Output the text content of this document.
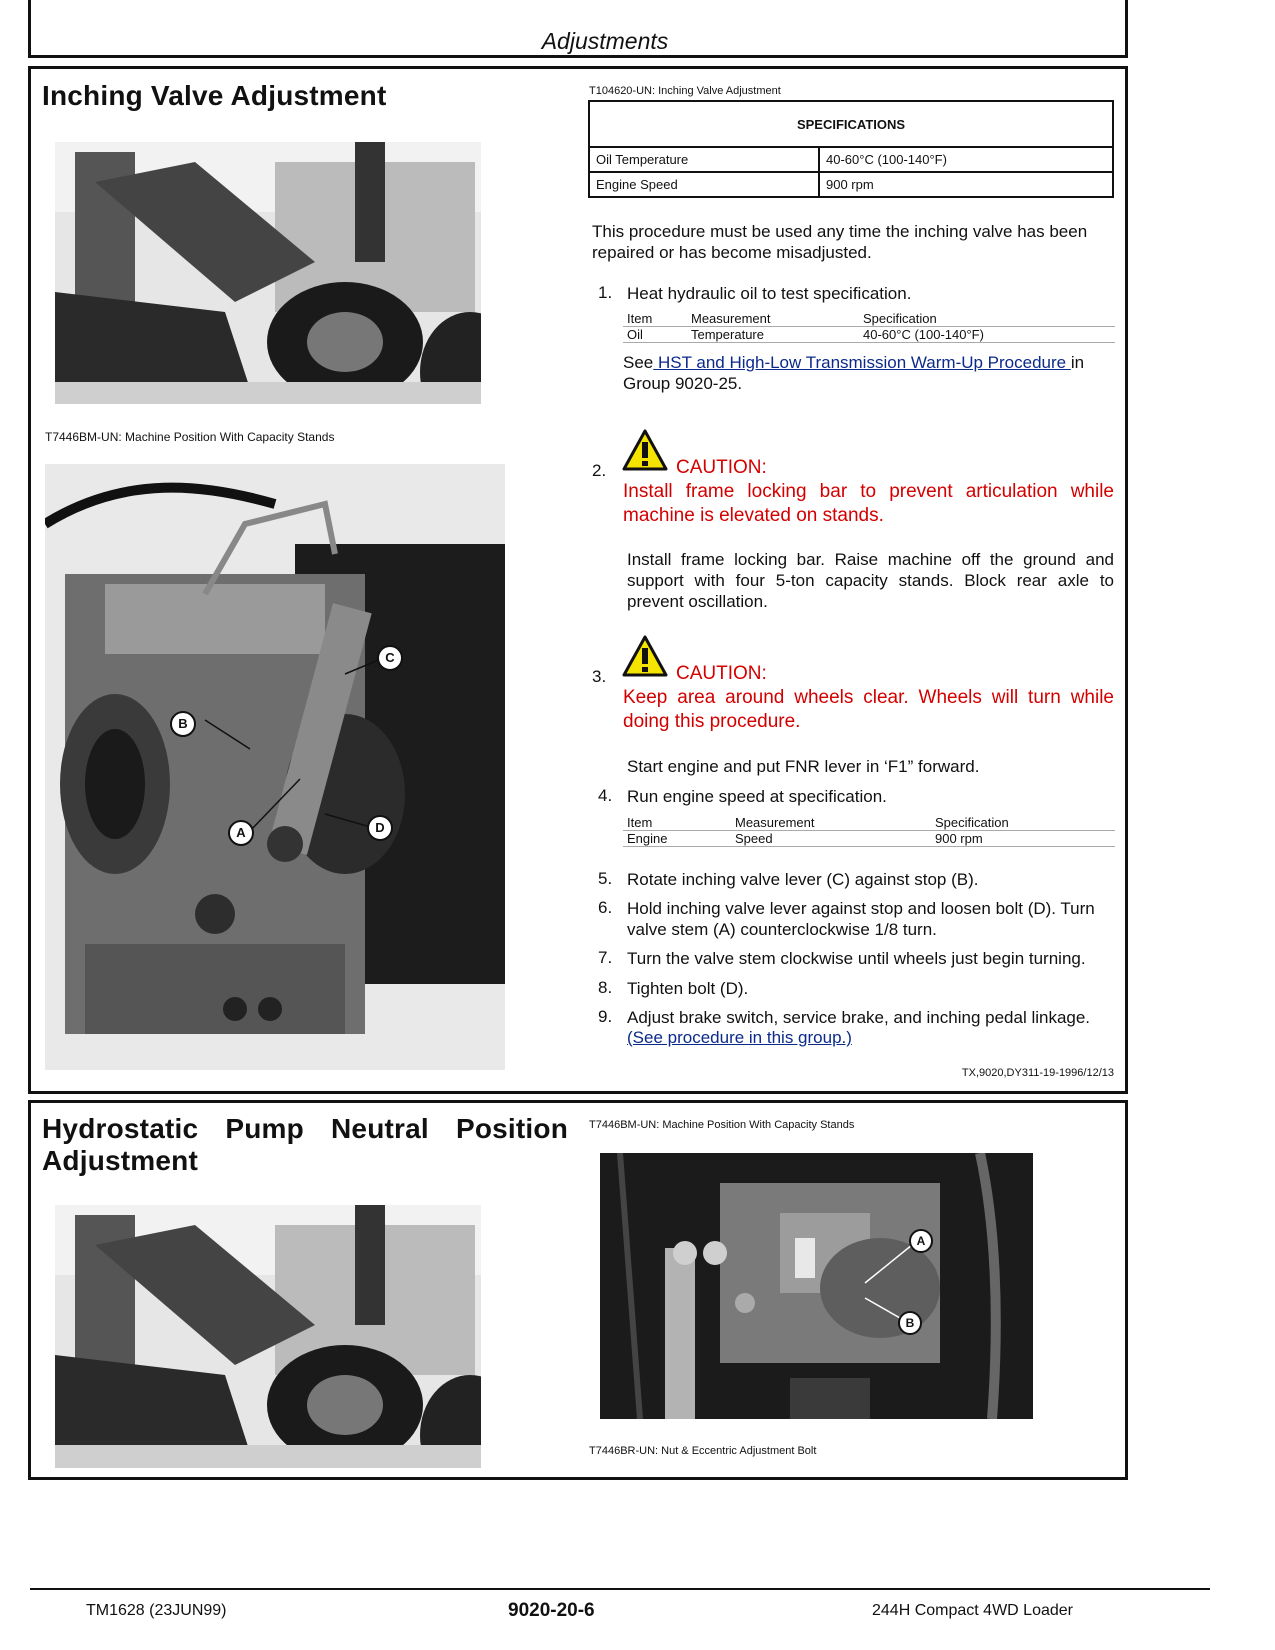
Adjustments
Inching Valve Adjustment
T7446BM-UN: Machine Position With Capacity Stands
C
B
A	D
T104620-UN: Inching Valve Adjustment
SPECIFICATIONS	
Oil Temperature	40-60°C (100-140°F)
Engine Speed	900 rpm
This procedure must be used any time the inching valve has been repaired or has become misadjusted.
1. Heat hydraulic oil to test specification.
Item	Measurement	Specification
Oil	Temperature	40-60°C (100-140°F)
See HST and High-Low Transmission Warm-Up Procedure in
Group 9020-25.
2.	CAUTION:
Install frame locking bar to prevent articulation while machine is elevated on stands.
Install frame locking bar. Raise machine off the ground and support with four 5-ton capacity stands. Block rear axle to prevent oscillation.
3.	CAUTION:
Keep area around wheels clear. Wheels will turn while doing this procedure.
Start engine and put FNR lever in ‘F1” forward.
4. Run engine speed at specification.
Item	Measurement	Specification
Engine	Speed	900 rpm
5. Rotate inching valve lever (C) against stop (B).
6. Hold inching valve lever against stop and loosen bolt (D). Turn valve stem (A) counterclockwise 1/8 turn.
7. Turn the valve stem clockwise until wheels just begin turning.
8. Tighten bolt (D).
9. Adjust brake switch, service brake, and inching pedal linkage.
(See procedure in this group.)
TX,9020,DY311-19-1996/12/13
Hydrostatic Pump Neutral Position
Adjustment
T7446BM-UN: Machine Position With Capacity Stands
A
B
T7446BR-UN: Nut & Eccentric Adjustment Bolt
TM1628 (23JUN99)	9020-20-6	244H Compact 4WD Loader
